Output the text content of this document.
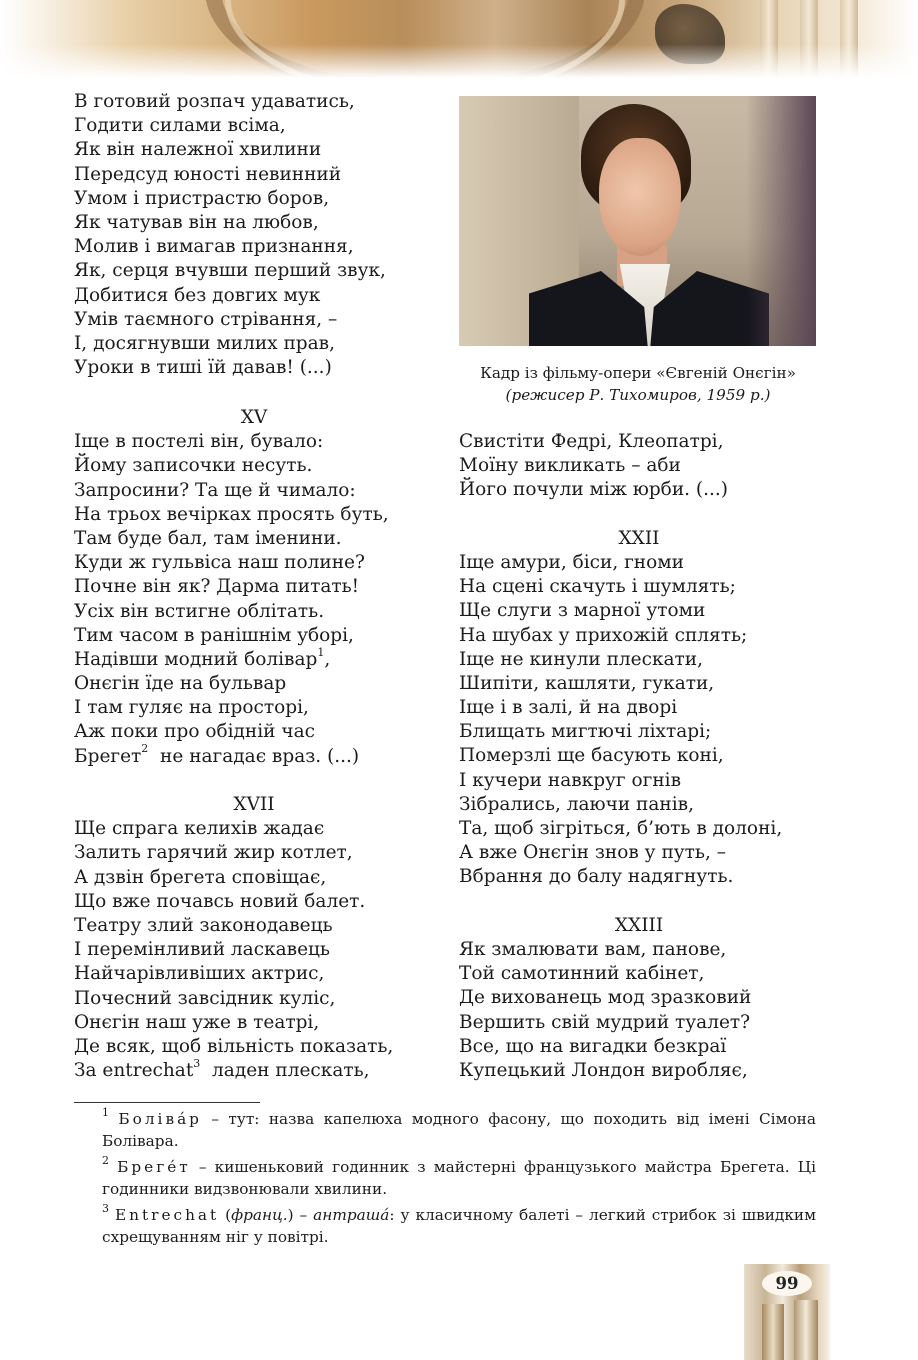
В готовий розпач удаватись,
Годити силами всіма,
Як він належної хвилини
Передсуд юності невинний
Умом і пристрастю боров,
Як чатував він на любов,
Молив і вимагав признання,
Як, серця вчувши перший звук,
Добитися без довгих мук
Умів таємного стрівання, –
І, досягнувши милих прав,
Уроки в тиші їй давав! (...)
XV
Іще в постелі він, бувало:
Йому записочки несуть.
Запросини? Та ще й чимало:
На трьох вечірках просять буть,
Там буде бал, там іменини.
Куди ж гульвіса наш полине?
Почне він як? Дарма питать!
Усіх він встигне облітать.
Тим часом в ранішнім уборі,
Надівши модний болівар$^1$,
Онєгін їде на бульвар
І там гуляє на просторі,
Аж поки про обідній час
Брегет$^2$ не нагадає враз. (...)
XVII
Ще спрага келихів жадає
Залить гарячий жир котлет,
А дзвін брегета сповіщає,
Що вже почавсь новий балет.
Театру злий законодавець
І перемінливий ласкавець
Найчарівливіших актрис,
Почесний завсідник куліс,
Онєгін наш уже в театрі,
Де всяк, щоб вільність показать,
За entrechat$^3$ ладен плескать,
Кадр із фільму-опери «Євгеній Онєгін»
(режисер Р. Тихомиров, 1959 р.)
Свистіти Федрі, Клеопатрі,
Моїну викликать – аби
Його почули між юрби. (...)
XXII
Іще амури, біси, гноми
На сцені скачуть і шумлять;
Ще слуги з марної утоми
На шубах у прихожій сплять;
Іще не кинули плескати,
Шипіти, кашляти, гукати,
Іще і в залі, й на дворі
Блищать мигтючі ліхтарі;
Померзлі ще басують коні,
І кучери навкруг огнів
Зібрались, лаючи панів,
Та, щоб зігріться, б’ють в долоні,
А вже Онєгін знов у путь, –
Вбрання до балу надягнуть.
XXIII
Як змалювати вам, панове,
Той самотинний кабінет,
Де вихованець мод зразковий
Вершить свій мудрий туалет?
Все, що на вигадки безкраї
Купецький Лондон виробляє,
$^1$ Болівáр – тут: назва капелюха модного фасону, що походить від імені Сімона Болівара.
$^2$ Брегéт – кишеньковий годинник з майстерні французького майстра Брегета. Ці годинники видзвонювали хвилини.
$^3$ Entrechat (франц.) – антрашá: у класичному балеті – легкий стрибок зі швидким схрещуванням ніг у повітрі.
99
